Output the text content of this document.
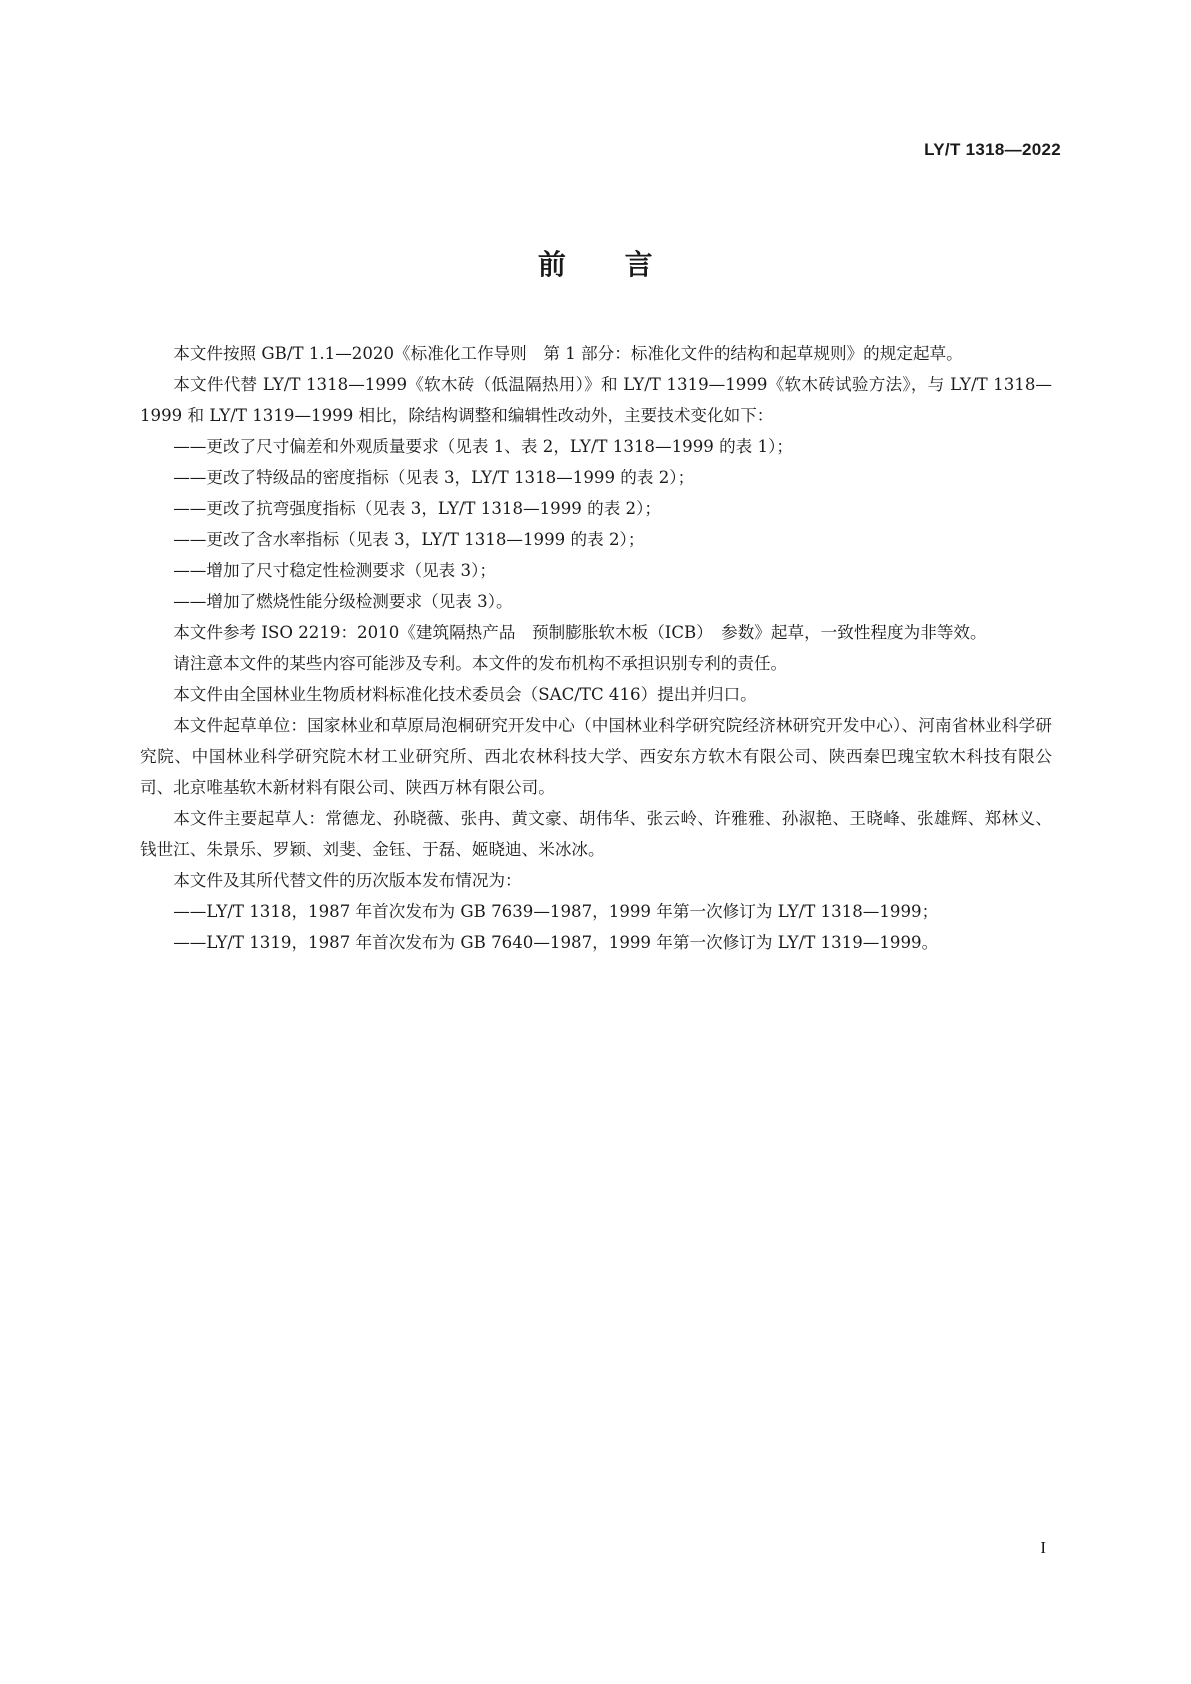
LY/T 1318—2022
前 言

本文件按照 GB/T 1.1—2020《标准化工作导则　第 1 部分：标准化文件的结构和起草规则》的规定起草。

本文件代替 LY/T 1318—1999《软木砖（低温隔热用）》和 LY/T 1319—1999《软木砖试验方法》，与 LY/T 1318—1999 和 LY/T 1319—1999 相比，除结构调整和编辑性改动外，主要技术变化如下：

——更改了尺寸偏差和外观质量要求（见表 1、表 2，LY/T 1318—1999 的表 1）；

——更改了特级品的密度指标（见表 3，LY/T 1318—1999 的表 2）；

——更改了抗弯强度指标（见表 3，LY/T 1318—1999 的表 2）；

——更改了含水率指标（见表 3，LY/T 1318—1999 的表 2）；

——增加了尺寸稳定性检测要求（见表 3）；

——增加了燃烧性能分级检测要求（见表 3）。

本文件参考 ISO 2219：2010《建筑隔热产品　预制膨胀软木板（ICB）　参数》起草，一致性程度为非等效。

请注意本文件的某些内容可能涉及专利。本文件的发布机构不承担识别专利的责任。

本文件由全国林业生物质材料标准化技术委员会（SAC/TC 416）提出并归口。

本文件起草单位：国家林业和草原局泡桐研究开发中心（中国林业科学研究院经济林研究开发中心）、河南省林业科学研究院、中国林业科学研究院木材工业研究所、西北农林科技大学、西安东方软木有限公司、陕西秦巴瑰宝软木科技有限公司、北京唯基软木新材料有限公司、陕西万林有限公司。

本文件主要起草人：常德龙、孙晓薇、张冉、黄文豪、胡伟华、张云岭、许雅雅、孙淑艳、王晓峰、张雄辉、郑林义、钱世江、朱景乐、罗颖、刘斐、金钰、于磊、姬晓迪、米冰冰。

本文件及其所代替文件的历次版本发布情况为：

——LY/T 1318，1987 年首次发布为 GB 7639—1987，1999 年第一次修订为 LY/T 1318—1999；

——LY/T 1319，1987 年首次发布为 GB 7640—1987，1999 年第一次修订为 LY/T 1319—1999。

I
